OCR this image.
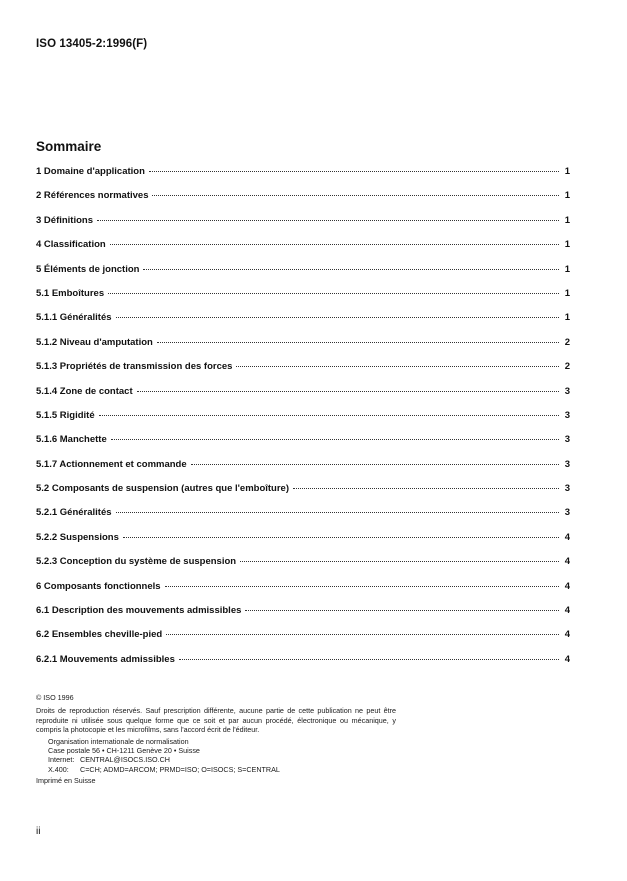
ISO 13405-2:1996(F)
Sommaire
1 Domaine d'application	1
2 Références normatives	1
3 Définitions	1
4 Classification	1
5 Éléments de jonction	1
5.1 Emboîtures	1
5.1.1 Généralités	1
5.1.2 Niveau d'amputation	2
5.1.3 Propriétés de transmission des forces	2
5.1.4 Zone de contact	3
5.1.5 Rigidité	3
5.1.6 Manchette	3
5.1.7 Actionnement et commande	3
5.2 Composants de suspension (autres que l'emboîture)	3
5.2.1 Généralités	3
5.2.2 Suspensions	4
5.2.3 Conception du système de suspension	4
6 Composants fonctionnels	4
6.1 Description des mouvements admissibles	4
6.2 Ensembles cheville-pied	4
6.2.1 Mouvements admissibles	4
© ISO 1996
Droits de reproduction réservés. Sauf prescription différente, aucune partie de cette publication ne peut être reproduite ni utilisée sous quelque forme que ce soit et par aucun procédé, électronique ou mécanique, y compris la photocopie et les microfilms, sans l'accord écrit de l'éditeur.
Organisation internationale de normalisation
Case postale 56 • CH-1211 Genève 20 • Suisse
Internet: CENTRAL@ISOCS.ISO.CH
X.400:	C=CH; ADMD=ARCOM; PRMD=ISO; O=ISOCS; S=CENTRAL
Imprimé en Suisse
ii
